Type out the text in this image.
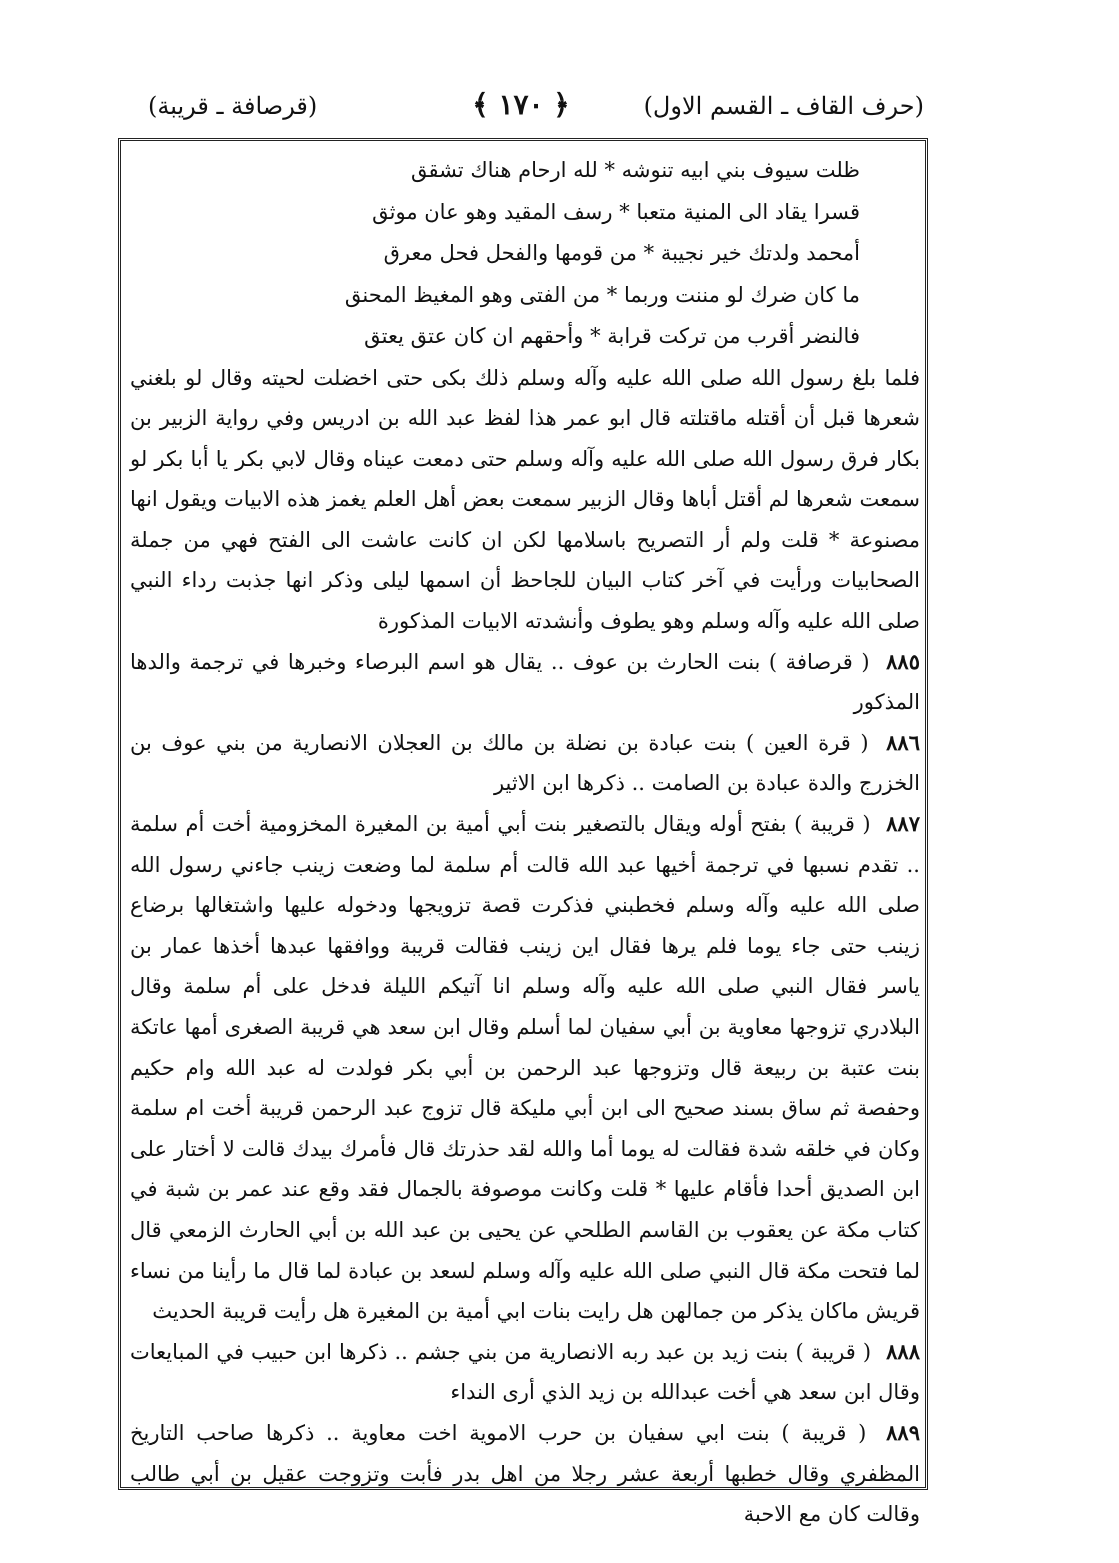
(حرف القاف ـ القسم الاول)
﴿ ١٧٠ ﴾
(قرصافة ـ قريبة)
ظلت سيوف بني ابيه تنوشه * لله ارحام هناك تشقق
قسرا يقاد الى المنية متعبا * رسف المقيد وهو عان موثق
أمحمد ولدتك خير نجيبة * من قومها والفحل فحل معرق
ما كان ضرك لو مننت وربما * من الفتى وهو المغيظ المحنق
فالنضر أقرب من تركت قرابة * وأحقهم ان كان عتق يعتق
فلما بلغ رسول الله صلى الله عليه وآله وسلم ذلك بكى حتى اخضلت لحيته وقال لو بلغني شعرها قبل أن أقتله ماقتلته قال ابو عمر هذا لفظ عبد الله بن ادريس وفي رواية الزبير بن بكار فرق رسول الله صلى الله عليه وآله وسلم حتى دمعت عيناه وقال لابي بكر يا أبا بكر لو سمعت شعرها لم أقتل أباها وقال الزبير سمعت بعض أهل العلم يغمز هذه الابيات ويقول انها مصنوعة * قلت ولم أر التصريح باسلامها لكن ان كانت عاشت الى الفتح فهي من جملة الصحابيات ورأيت في آخر كتاب البيان للجاحظ أن اسمها ليلى وذكر انها جذبت رداء النبي صلى الله عليه وآله وسلم وهو يطوف وأنشدته الابيات المذكورة
٨٨٥ ( قرصافة ) بنت الحارث بن عوف .. يقال هو اسم البرصاء وخبرها في ترجمة والدها المذكور
٨٨٦ ( قرة العين ) بنت عبادة بن نضلة بن مالك بن العجلان الانصارية من بني عوف بن الخزرج والدة عبادة بن الصامت .. ذكرها ابن الاثير
٨٨٧ ( قريبة ) بفتح أوله ويقال بالتصغير بنت أبي أمية بن المغيرة المخزومية أخت أم سلمة .. تقدم نسبها في ترجمة أخيها عبد الله قالت أم سلمة لما وضعت زينب جاءني رسول الله صلى الله عليه وآله وسلم فخطبني فذكرت قصة تزويجها ودخوله عليها واشتغالها برضاع زينب حتى جاء يوما فلم يرها فقال اين زينب فقالت قريبة ووافقها عبدها أخذها عمار بن ياسر فقال النبي صلى الله عليه وآله وسلم انا آتيكم الليلة فدخل على أم سلمة وقال البلادري تزوجها معاوية بن أبي سفيان لما أسلم وقال ابن سعد هي قريبة الصغرى أمها عاتكة بنت عتبة بن ربيعة قال وتزوجها عبد الرحمن بن أبي بكر فولدت له عبد الله وام حكيم وحفصة ثم ساق بسند صحيح الى ابن أبي مليكة قال تزوج عبد الرحمن قريبة أخت ام سلمة وكان في خلقه شدة فقالت له يوما أما والله لقد حذرتك قال فأمرك بيدك قالت لا أختار على ابن الصديق أحدا فأقام عليها * قلت وكانت موصوفة بالجمال فقد وقع عند عمر بن شبة في كتاب مكة عن يعقوب بن القاسم الطلحي عن يحيى بن عبد الله بن أبي الحارث الزمعي قال لما فتحت مكة قال النبي صلى الله عليه وآله وسلم لسعد بن عبادة لما قال ما رأينا من نساء قريش ماكان يذكر من جمالهن هل رايت بنات ابي أمية بن المغيرة هل رأيت قريبة الحديث
٨٨٨ ( قريبة ) بنت زيد بن عبد ربه الانصارية من بني جشم .. ذكرها ابن حبيب في المبايعات وقال ابن سعد هي أخت عبدالله بن زيد الذي أرى النداء
٨٨٩ ( قريبة ) بنت ابي سفيان بن حرب الاموية اخت معاوية .. ذكرها صاحب التاريخ المظفري وقال خطبها أربعة عشر رجلا من اهل بدر فأبت وتزوجت عقيل بن أبي طالب وقالت كان مع الاحبة
